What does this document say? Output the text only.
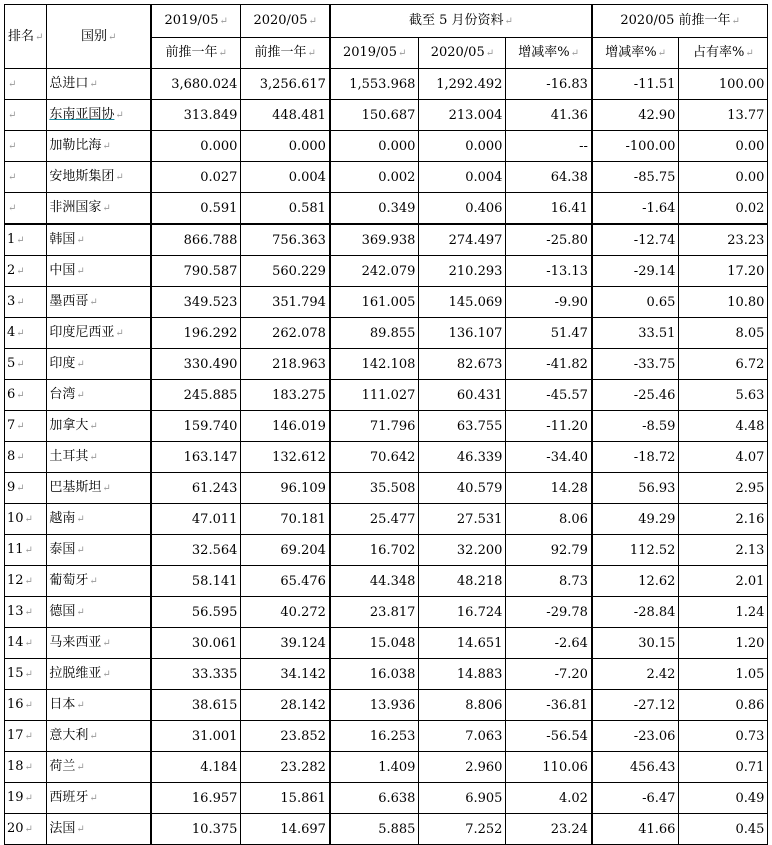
排名↵	国别↵	2019/05↵	2020/05↵	截至 5 月份资料↵			2020/05 前推一年↵	
		前推一年↵	前推一年↵	2019/05↵	2020/05↵	增减率%↵	增减率%↵	占有率%↵
↵	总进口↵	3,680.024	3,256.617	1,553.968	1,292.492	-16.83	-11.51	100.00
↵	东南亚国协↵	313.849	448.481	150.687	213.004	41.36	42.90	13.77
↵	加勒比海↵	0.000	0.000	0.000	0.000	--	-100.00	0.00
↵	安地斯集团↵	0.027	0.004	0.002	0.004	64.38	-85.75	0.00
↵	非洲国家↵	0.591	0.581	0.349	0.406	16.41	-1.64	0.02
1↵	韩国↵	866.788	756.363	369.938	274.497	-25.80	-12.74	23.23
2↵	中国↵	790.587	560.229	242.079	210.293	-13.13	-29.14	17.20
3↵	墨西哥↵	349.523	351.794	161.005	145.069	-9.90	0.65	10.80
4↵	印度尼西亚↵	196.292	262.078	89.855	136.107	51.47	33.51	8.05
5↵	印度↵	330.490	218.963	142.108	82.673	-41.82	-33.75	6.72
6↵	台湾↵	245.885	183.275	111.027	60.431	-45.57	-25.46	5.63
7↵	加拿大↵	159.740	146.019	71.796	63.755	-11.20	-8.59	4.48
8↵	土耳其↵	163.147	132.612	70.642	46.339	-34.40	-18.72	4.07
9↵	巴基斯坦↵	61.243	96.109	35.508	40.579	14.28	56.93	2.95
10↵	越南↵	47.011	70.181	25.477	27.531	8.06	49.29	2.16
11↵	泰国↵	32.564	69.204	16.702	32.200	92.79	112.52	2.13
12↵	葡萄牙↵	58.141	65.476	44.348	48.218	8.73	12.62	2.01
13↵	德国↵	56.595	40.272	23.817	16.724	-29.78	-28.84	1.24
14↵	马来西亚↵	30.061	39.124	15.048	14.651	-2.64	30.15	1.20
15↵	拉脱维亚↵	33.335	34.142	16.038	14.883	-7.20	2.42	1.05
16↵	日本↵	38.615	28.142	13.936	8.806	-36.81	-27.12	0.86
17↵	意大利↵	31.001	23.852	16.253	7.063	-56.54	-23.06	0.73
18↵	荷兰↵	4.184	23.282	1.409	2.960	110.06	456.43	0.71
19↵	西班牙↵	16.957	15.861	6.638	6.905	4.02	-6.47	0.49
20↵	法国↵	10.375	14.697	5.885	7.252	23.24	41.66	0.45
